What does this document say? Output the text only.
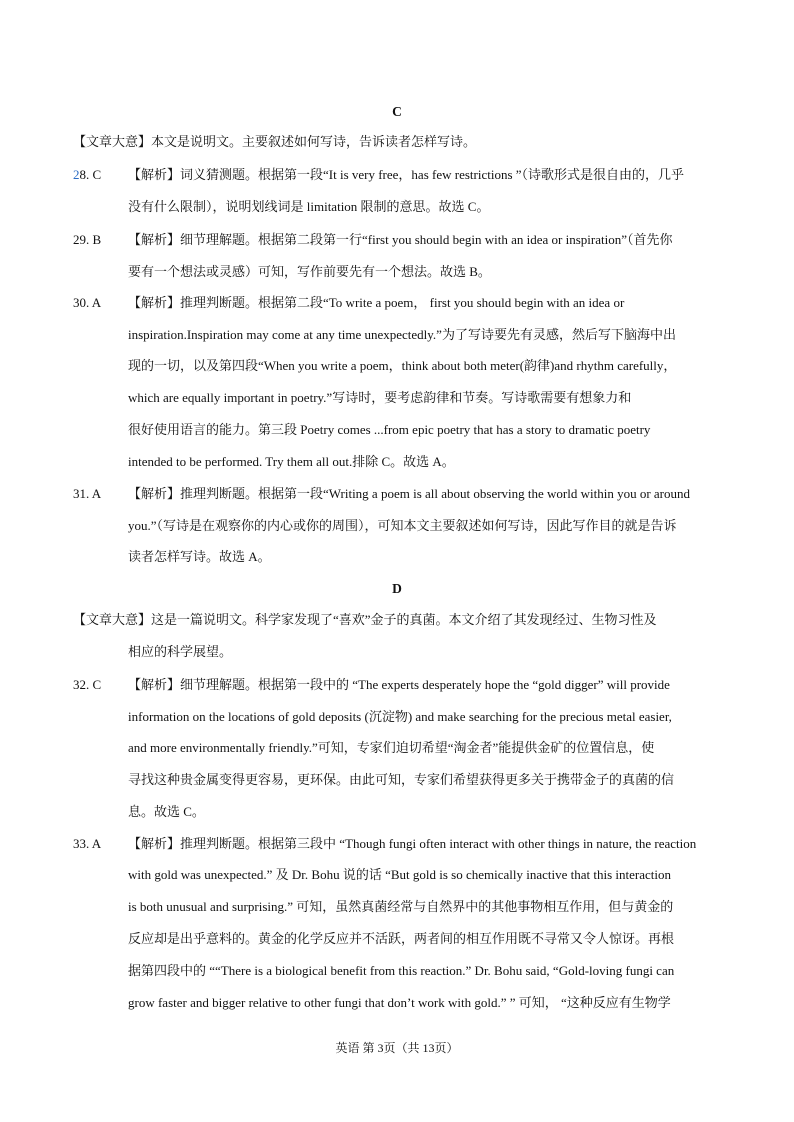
C
【文章大意】本文是说明文。主要叙述如何写诗，告诉读者怎样写诗。
28. C 【解析】词义猜测题。根据第一段“It is very free，has few restrictions ”（诗歌形式是很自由的，几乎
没有什么限制），说明划线词是 limitation 限制的意思。故选 C。
29. B 【解析】细节理解题。根据第二段第一行“first you should begin with an idea or inspiration”（首先你
要有一个想法或灵感）可知，写作前要先有一个想法。故选 B。
30. A 【解析】推理判断题。根据第二段“To write a poem， first you should begin with an idea or
inspiration.Inspiration may come at any time unexpectedly.”为了写诗要先有灵感，然后写下脑海中出
现的一切，以及第四段“When you write a poem，think about both meter(韵律)and rhythm carefully，
which are equally important in poetry.”写诗时，要考虑韵律和节奏。写诗歌需要有想象力和
很好使用语言的能力。第三段 Poetry comes ...from epic poetry that has a story to dramatic poetry
intended to be performed. Try them all out.排除 C。故选 A。
31. A 【解析】推理判断题。根据第一段“Writing a poem is all about observing the world within you or around
you.”（写诗是在观察你的内心或你的周围），可知本文主要叙述如何写诗，因此写作目的就是告诉
读者怎样写诗。故选 A。
D
【文章大意】这是一篇说明文。科学家发现了“喜欢”金子的真菌。本文介绍了其发现经过、生物习性及
相应的科学展望。
32. C 【解析】细节理解题。根据第一段中的 “The experts desperately hope the “gold digger” will provide
information on the locations of gold deposits (沉淀物) and make searching for the precious metal easier,
and more environmentally friendly.”可知，专家们迫切希望“淘金者”能提供金矿的位置信息，使
寻找这种贵金属变得更容易，更环保。由此可知，专家们希望获得更多关于携带金子的真菌的信
息。故选 C。
33. A 【解析】推理判断题。根据第三段中 “Though fungi often interact with other things in nature, the reaction
with gold was unexpected.” 及 Dr. Bohu 说的话 “But gold is so chemically inactive that this interaction
is both unusual and surprising.” 可知，虽然真菌经常与自然界中的其他事物相互作用，但与黄金的
反应却是出乎意料的。黄金的化学反应并不活跃，两者间的相互作用既不寻常又令人惊讶。再根
据第四段中的 ““There is a biological benefit from this reaction.” Dr. Bohu said, “Gold-loving fungi can
grow faster and bigger relative to other fungi that don’t work with gold.” ” 可知， “这种反应有生物学
英语 第 3页（共 13页）
